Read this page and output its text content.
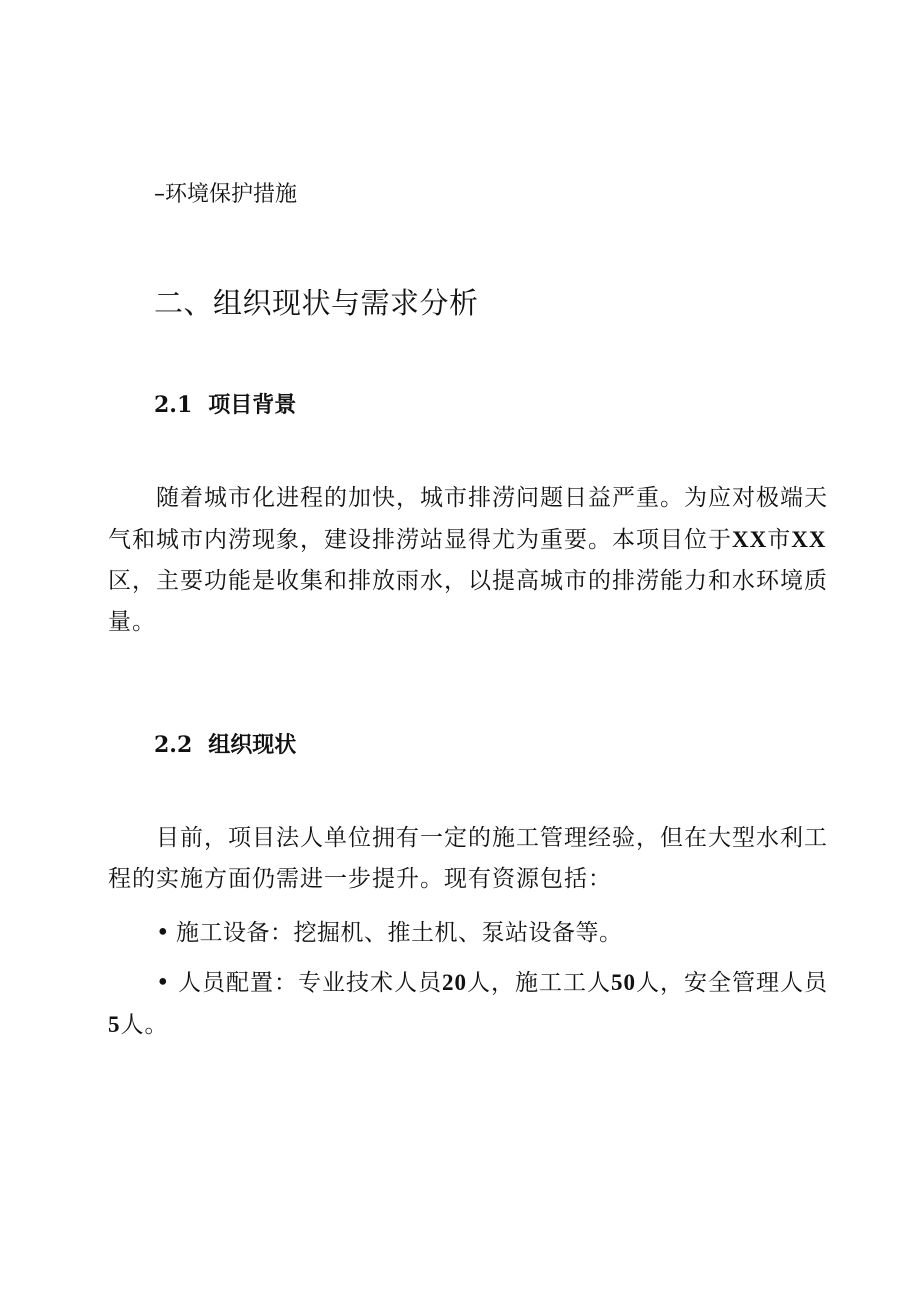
–环境保护措施
二、组织现状与需求分析
2.1 项目背景
随着城市化进程的加快，城市排涝问题日益严重。为应对极端天
气和城市内涝现象，建设排涝站显得尤为重要。本项目位于XX市XX
区，主要功能是收集和排放雨水，以提高城市的排涝能力和水环境质
量。
2.2 组织现状
目前，项目法人单位拥有一定的施工管理经验，但在大型水利工
程的实施方面仍需进一步提升。现有资源包括：
• 施工设备：挖掘机、推土机、泵站设备等。
• 人员配置：专业技术人员20人，施工工人50人，安全管理人员
5人。
